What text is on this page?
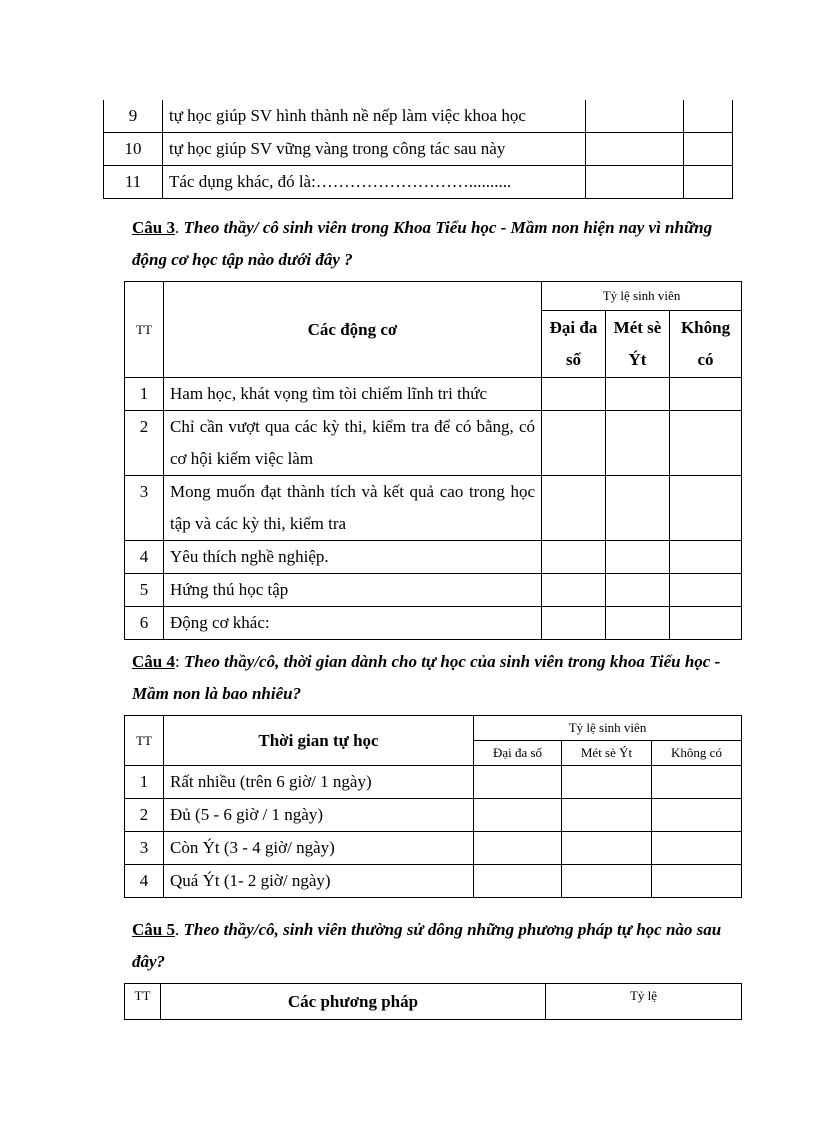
9	tự học giúp SV hình thành nề nếp làm việc khoa học		
10	tự học giúp SV vững vàng trong công tác sau này		
11	Tác dụng khác, đó là:………………………..........		

Câu 3. Theo thầy/ cô sinh viên trong Khoa Tiểu học - Mầm non hiện nay vì những động cơ học tập nào dưới đây ?

TT	Các động cơ	Tỷ lệ sinh viên		
		Đại đa số	Mét sè Ýt	Không có

1	Ham học, khát vọng tìm tòi chiếm lĩnh tri thức			
2	Chỉ cần vượt qua các kỳ thi, kiểm tra để có bằng, có cơ hội kiếm việc làm			
3	Mong muốn đạt thành tích và kết quả cao trong học tập và các kỳ thi, kiểm tra			
4	Yêu thích nghề nghiệp.			
5	Hứng thú học tập			
6	Động cơ khác:			

Câu 4: Theo thầy/cô, thời gian dành cho tự học của sinh viên trong khoa Tiểu học - Mầm non là bao nhiêu?

TT	Thời gian tự học	Tỷ lệ sinh viên		
		Đại đa số	Mét sè Ýt	Không có
1	Rất nhiều (trên 6 giờ/ 1 ngày)			
2	Đủ (5 - 6 giờ / 1 ngày)			
3	Còn Ýt (3 - 4 giờ/ ngày)			
4	Quá Ýt (1- 2 giờ/ ngày)			

Câu 5. Theo thầy/cô, sinh viên thường sử dông những phương pháp tự học nào sau đây?

TT	Các phương pháp	Tỷ lệ
